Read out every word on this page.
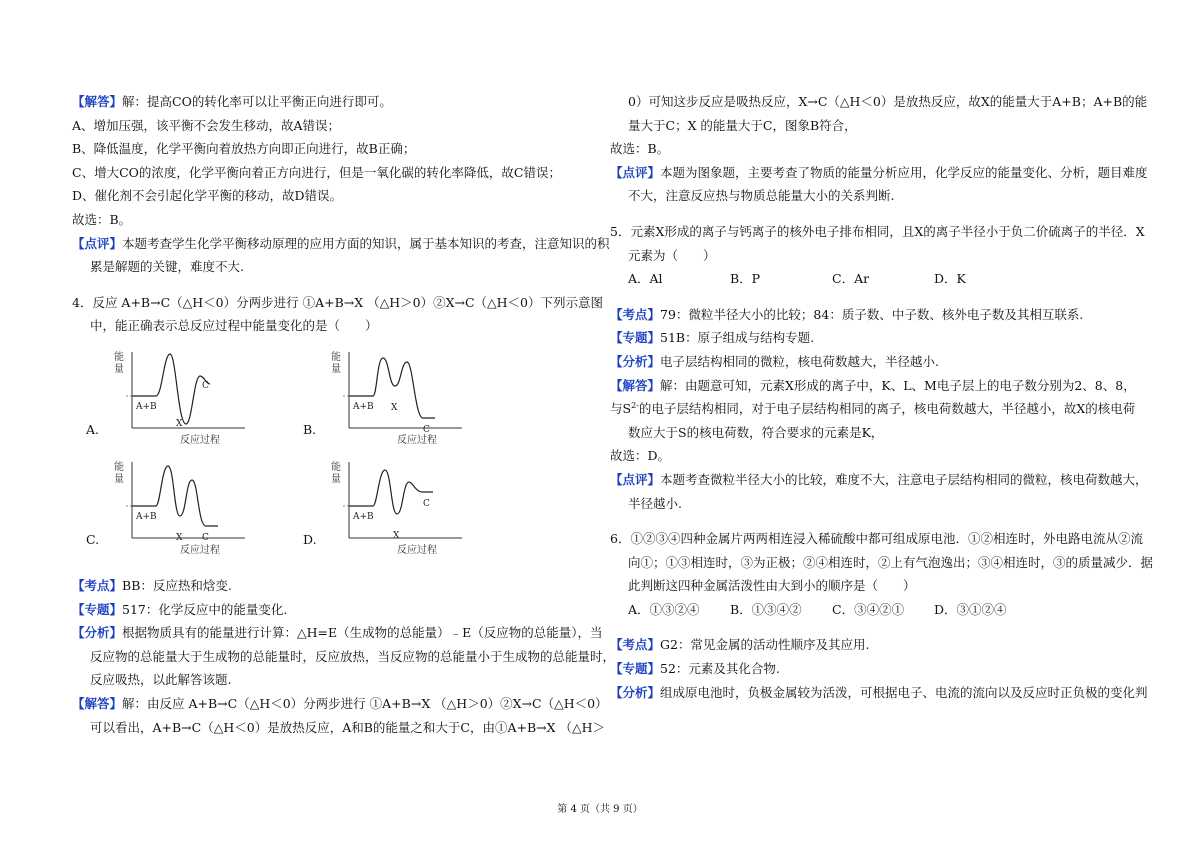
【解答】解：提高CO的转化率可以让平衡正向进行即可。
A、增加压强，该平衡不会发生移动，故A错误；
B、降低温度，化学平衡向着放热方向即正向进行，故B正确；
C、增大CO的浓度，化学平衡向着正方向进行，但是一氧化碳的转化率降低，故C错误；
D、催化剂不会引起化学平衡的移动，故D错误。
故选：B。
【点评】本题考查学生化学平衡移动原理的应用方面的知识，属于基本知识的考查，注意知识的积
累是解题的关键，难度不大.
4．反应 A+B→C（△H＜0）分两步进行 ①A+B→X （△H＞0）②X→C（△H＜0）下列示意图
中，能正确表示总反应过程中能量变化的是（　　）
能
量
反应过程
A+B
X
C
A.
能
量
反应过程
A+B X
C
B.
能
量
反应过程
A+B
X C
C.
能
量
反应过程
A+B
X
C
D.
【考点】BB：反应热和焓变.
【专题】517：化学反应中的能量变化.
【分析】根据物质具有的能量进行计算：△H=E（生成物的总能量）﹣E（反应物的总能量），当
反应物的总能量大于生成物的总能量时，反应放热，当反应物的总能量小于生成物的总能量时，
反应吸热，以此解答该题.
【解答】解：由反应 A+B→C（△H＜0）分两步进行 ①A+B→X （△H＞0）②X→C（△H＜0）
可以看出，A+B→C（△H＜0）是放热反应，A和B的能量之和大于C，由①A+B→X （△H＞
0）可知这步反应是吸热反应，X→C（△H＜0）是放热反应，故X的能量大于A+B；A+B的能
量大于C；X 的能量大于C，图象B符合，
故选：B。
【点评】本题为图象题，主要考查了物质的能量分析应用，化学反应的能量变化、分析，题目难度
不大，注意反应热与物质总能量大小的关系判断.
5．元素X形成的离子与钙离子的核外电子排布相同，且X的离子半径小于负二价硫离子的半径．X
元素为（　　）
A．Al	B．P	C．Ar	D．K
【考点】79：微粒半径大小的比较；84：质子数、中子数、核外电子数及其相互联系.
【专题】51B：原子组成与结构专题.
【分析】电子层结构相同的微粒，核电荷数越大，半径越小.
【解答】解：由题意可知，元素X形成的离子中，K、L、M电子层上的电子数分别为2、8、8，
与$S^{2-}$的电子层结构相同，对于电子层结构相同的离子，核电荷数越大，半径越小，故X的核电荷
数应大于S的核电荷数，符合要求的元素是K，
故选：D。
【点评】本题考查微粒半径大小的比较，难度不大，注意电子层结构相同的微粒，核电荷数越大，
半径越小.
6．①②③④四种金属片两两相连浸入稀硫酸中都可组成原电池．①②相连时，外电路电流从②流
向①；①③相连时，③为正极；②④相连时，②上有气泡逸出；③④相连时，③的质量减少．据
此判断这四种金属活泼性由大到小的顺序是（　　）
A．①③②④ B．①③④② C．③④②① D．③①②④
【考点】G2：常见金属的活动性顺序及其应用.
【专题】52：元素及其化合物.
【分析】组成原电池时，负极金属较为活泼，可根据电子、电流的流向以及反应时正负极的变化判
第 4 页（共 9 页）
